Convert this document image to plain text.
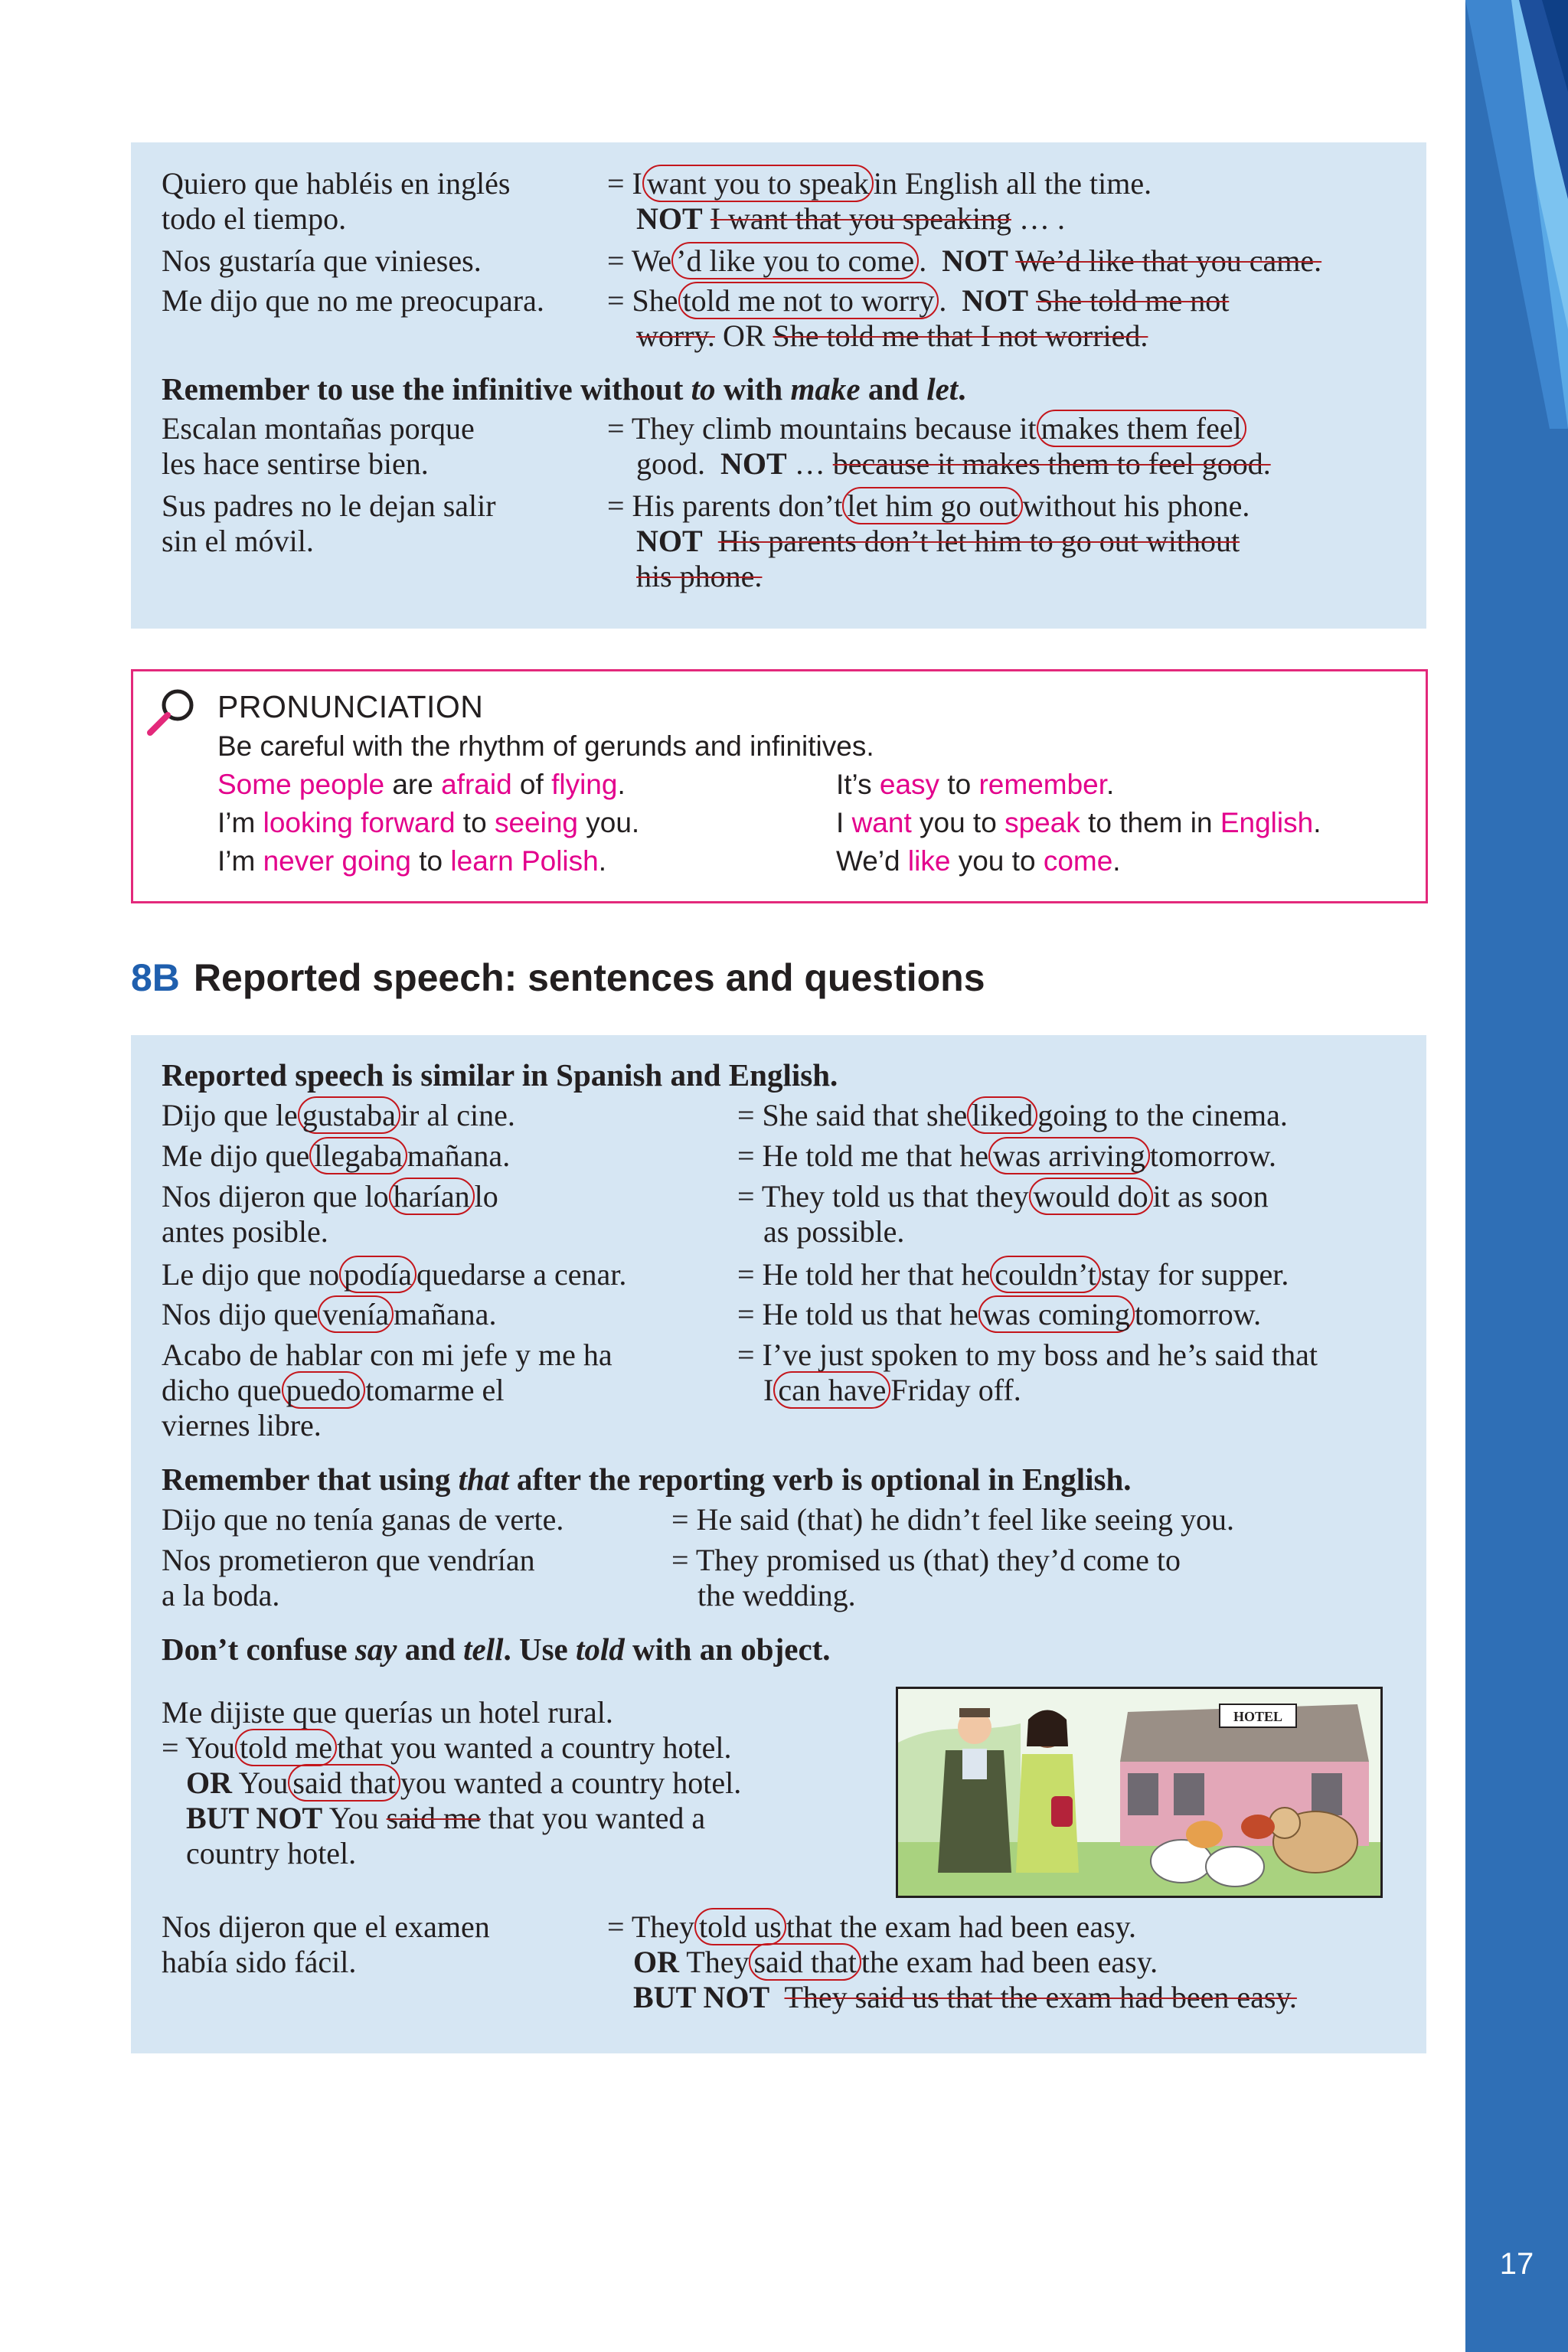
17
Quiero que habléis en inglés
todo el tiempo.
= I want you to speak in English all the time.
NOT I want that you speaking … .
Nos gustaría que vinieses.	= We ’d like you to come . NOT We’d like that you came.
Me dijo que no me preocupara. = She told me not to worry . NOT She told me not
worry. OR She told me that I not worried.
Remember to use the infinitive without to with make and let.
Escalan montañas porque
les hace sentirse bien.
= They climb mountains because it makes them feel
good. NOT … because it makes them to feel good.
Sus padres no le dejan salir
sin el móvil.
= His parents don’t let him go out without his phone.
NOT His parents don’t let him to go out without
his phone.
PRONUNCIATION
Be careful with the rhythm of gerunds and infinitives.
Some people are afraid of flying.
I’m looking forward to seeing you.
I’m never going to learn Polish.
It’s easy to remember.
I want you to speak to them in English.
We’d like you to come.
8B Reported speech: sentences and questions
Reported speech is similar in Spanish and English.
Dijo que le gustaba ir al cine.	= She said that she liked going to the cinema.
Me dijo que llegaba mañana.	= He told me that he was arriving tomorrow.
Nos dijeron que lo harían lo
antes posible.
= They told us that they would do it as soon
as possible.
Le dijo que no podía quedarse a cenar.	= He told her that he couldn’t stay for supper.
Nos dijo que venía mañana.	= He told us that he was coming tomorrow.
Acabo de hablar con mi jefe y me ha
dicho que puedo tomarme el
viernes libre.
= I’ve just spoken to my boss and he’s said that
I can have Friday off.
Remember that using that after the reporting verb is optional in English.
Dijo que no tenía ganas de verte.	= He said (that) he didn’t feel like seeing you.
Nos prometieron que vendrían
a la boda.
= They promised us (that) they’d come to
the wedding.
Don’t confuse say and tell. Use told with an object.
Me dijiste que querías un hotel rural.
= You told me that you wanted a country hotel.
OR You said that you wanted a country hotel.
BUT NOT You said me that you wanted a
country hotel.
Nos dijeron que el examen
había sido fácil.
= They told us that the exam had been easy.
OR They said that the exam had been easy.
BUT NOT They said us that the exam had been easy.
HOTEL
